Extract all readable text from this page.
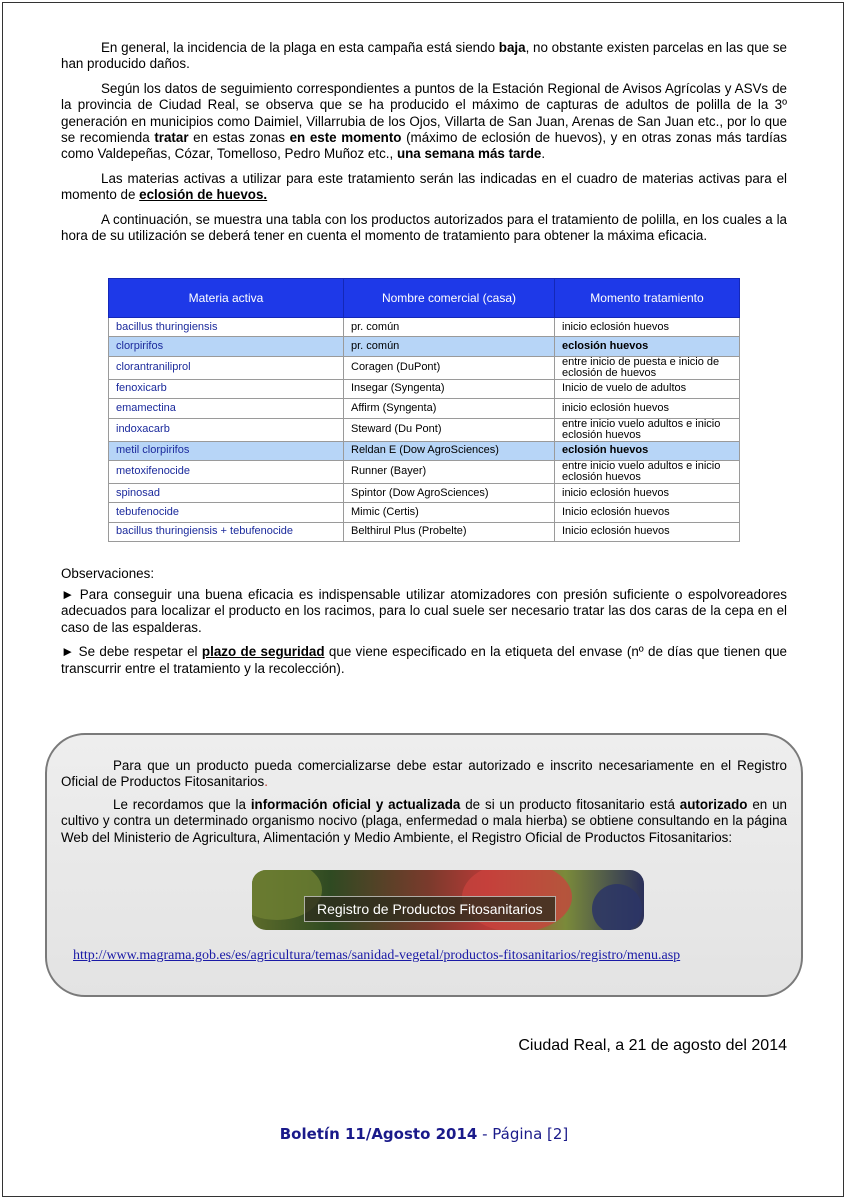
En general, la incidencia de la plaga en esta campaña está siendo baja, no obstante existen parcelas en las que se han producido daños.

Según los datos de seguimiento correspondientes a puntos de la Estación Regional de Avisos Agrícolas y ASVs de la provincia de Ciudad Real, se observa que se ha producido el máximo de capturas de adultos de polilla de la 3º generación en municipios como Daimiel, Villarrubia de los Ojos, Villarta de San Juan, Arenas de San Juan etc., por lo que se recomienda tratar en estas zonas en este momento (máximo de eclosión de huevos), y en otras zonas más tardías como Valdepeñas, Cózar, Tomelloso, Pedro Muñoz etc., una semana más tarde.

Las materias activas a utilizar para este tratamiento serán las indicadas en el cuadro de materias activas para el momento de eclosión de huevos.

A continuación, se muestra una tabla con los productos autorizados para el tratamiento de polilla, en los cuales a la hora de su utilización se deberá tener en cuenta el momento de tratamiento para obtener la máxima eficacia.

Materia activa	Nombre comercial (casa)	Momento tratamiento
bacillus thuringiensis	pr. común	inicio eclosión huevos
clorpirifos	pr. común	eclosión huevos
clorantraniliprol	Coragen (DuPont)	entre inicio de puesta e inicio de eclosión de huevos
fenoxicarb	Insegar (Syngenta)	Inicio de vuelo de adultos
emamectina	Affirm (Syngenta)	inicio eclosión huevos
indoxacarb	Steward (Du Pont)	entre inicio vuelo adultos e inicio eclosión huevos
metil clorpirifos	Reldan E (Dow AgroSciences)	eclosión huevos
metoxifenocide	Runner (Bayer)	entre inicio vuelo adultos e inicio eclosión huevos
spinosad	Spintor (Dow AgroSciences)	inicio eclosión huevos
tebufenocide	Mimic (Certis)	Inicio eclosión huevos
bacillus thuringiensis + tebufenocide	Belthirul Plus (Probelte)	Inicio eclosión huevos

Observaciones:

► Para conseguir una buena eficacia es indispensable utilizar atomizadores con presión suficiente o espolvoreadores adecuados para localizar el producto en los racimos, para lo cual suele ser necesario tratar las dos caras de la cepa en el caso de las espalderas.

► Se debe respetar el plazo de seguridad que viene especificado en la etiqueta del envase (nº de días que tienen que transcurrir entre el tratamiento y la recolección).

Para que un producto pueda comercializarse debe estar autorizado e inscrito necesariamente en el Registro Oficial de Productos Fitosanitarios.

Le recordamos que la información oficial y actualizada de si un producto fitosanitario está autorizado en un cultivo y contra un determinado organismo nocivo (plaga, enfermedad o mala hierba) se obtiene consultando en la página Web del Ministerio de Agricultura, Alimentación y Medio Ambiente, el Registro Oficial de Productos Fitosanitarios:

Registro de Productos Fitosanitarios
http://www.magrama.gob.es/es/agricultura/temas/sanidad-vegetal/productos-fitosanitarios/registro/menu.asp
Ciudad Real, a 21 de agosto del 2014
Boletín 11/Agosto 2014 - Página [2]
